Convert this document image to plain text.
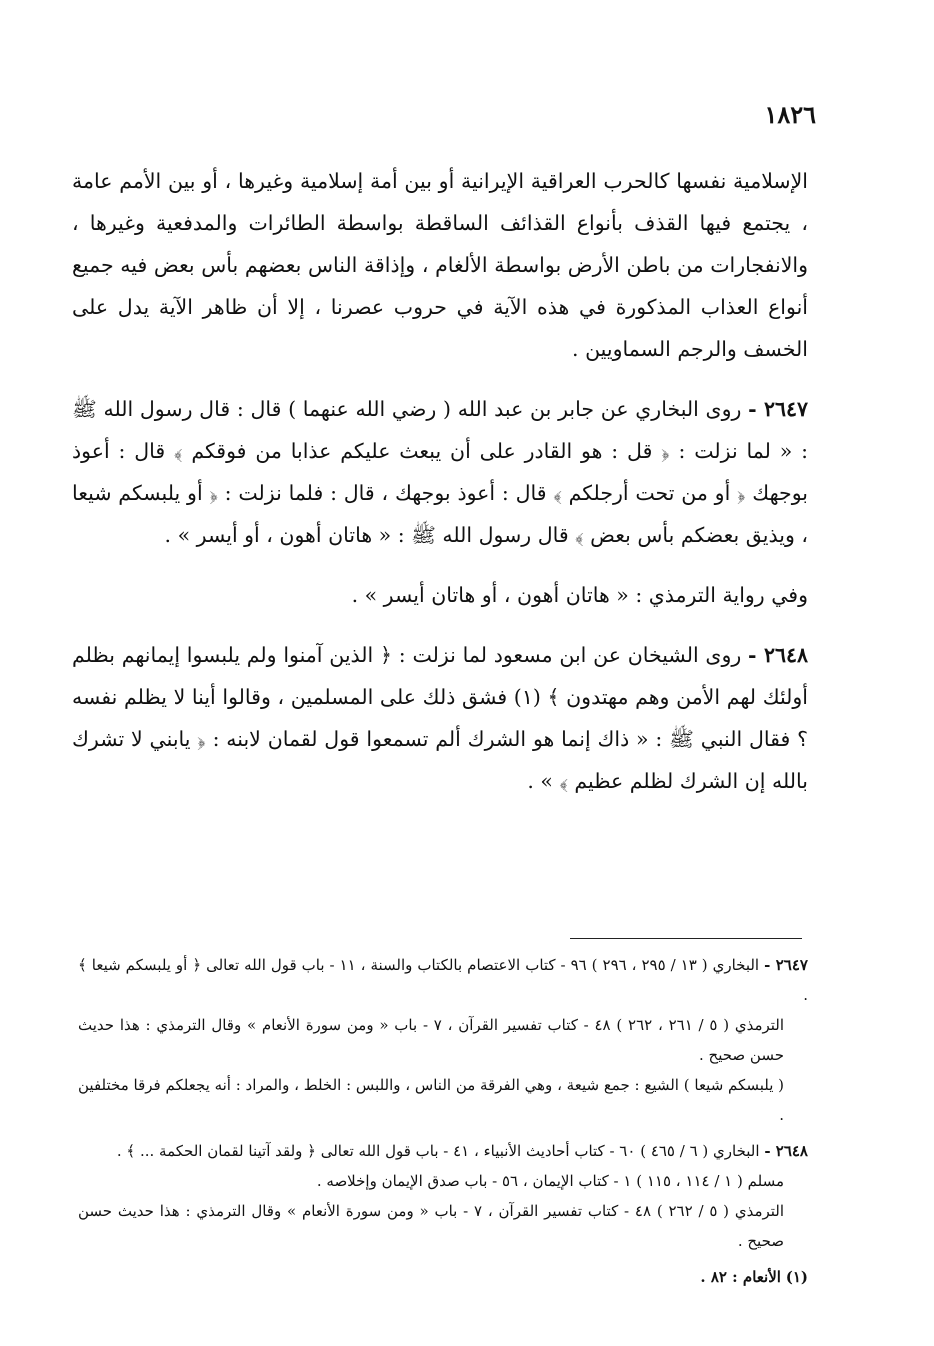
١٨٢٦

الإسلامية نفسها كالحرب العراقية الإيرانية أو بين أمة إسلامية وغيرها ، أو بين الأمم عامة ، يجتمع فيها القذف بأنواع القذائف الساقطة بواسطة الطائرات والمدفعية وغيرها ، والانفجارات من باطن الأرض بواسطة الألغام ، وإذاقة الناس بعضهم بأس بعض فيه جميع أنواع العذاب المذكورة في هذه الآية في حروب عصرنا ، إلا أن ظاهر الآية يدل على الخسف والرجم السماويين .

٢٦٤٧ - روى البخاري عن جابر بن عبد الله ( رضي الله عنهما ) قال : قال رسول الله ﷺ : « لما نزلت : ﴿ قل : هو القادر على أن يبعث عليكم عذابا من فوقكم ﴾ قال : أعوذ بوجهك ﴿ أو من تحت أرجلكم ﴾ قال : أعوذ بوجهك ، قال : فلما نزلت : ﴿ أو يلبسكم شيعا ، ويذيق بعضكم بأس بعض ﴾ قال رسول الله ﷺ : « هاتان أهون ، أو أيسر » .

وفي رواية الترمذي : « هاتان أهون ، أو هاتان أيسر » .

٢٦٤٨ - روى الشيخان عن ابن مسعود لما نزلت : ﴿ الذين آمنوا ولم يلبسوا إيمانهم بظلم أولئك لهم الأمن وهم مهتدون ﴾ (١) فشق ذلك على المسلمين ، وقالوا أينا لا يظلم نفسه ؟ فقال النبي ﷺ : « ذاك إنما هو الشرك ألم تسمعوا قول لقمان لابنه : ﴿ يابني لا تشرك بالله إن الشرك لظلم عظيم ﴾ » .

٢٦٤٧ - البخاري ( ١٣ / ٢٩٥ ، ٢٩٦ ) ٩٦ - كتاب الاعتصام بالكتاب والسنة ، ١١ - باب قول الله تعالى ﴿ أو يلبسكم شيعا ﴾ .
الترمذي ( ٥ / ٢٦١ ، ٢٦٢ ) ٤٨ - كتاب تفسير القرآن ، ٧ - باب « ومن سورة الأنعام » وقال الترمذي : هذا حديث حسن صحيح .
( يلبسكم شيعا ) الشيع : جمع شيعة ، وهي الفرقة من الناس ، واللبس : الخلط ، والمراد : أنه يجعلكم فرقا مختلفين .
٢٦٤٨ - البخاري ( ٦ / ٤٦٥ ) ٦٠ - كتاب أحاديث الأنبياء ، ٤١ - باب قول الله تعالى ﴿ ولقد آتينا لقمان الحكمة ... ﴾ .
مسلم ( ١ / ١١٤ ، ١١٥ ) ١ - كتاب الإيمان ، ٥٦ - باب صدق الإيمان وإخلاصه .
الترمذي ( ٥ / ٢٦٢ ) ٤٨ - كتاب تفسير القرآن ، ٧ - باب « ومن سورة الأنعام » وقال الترمذي : هذا حديث حسن صحيح .
(١) الأنعام : ٨٢ .
